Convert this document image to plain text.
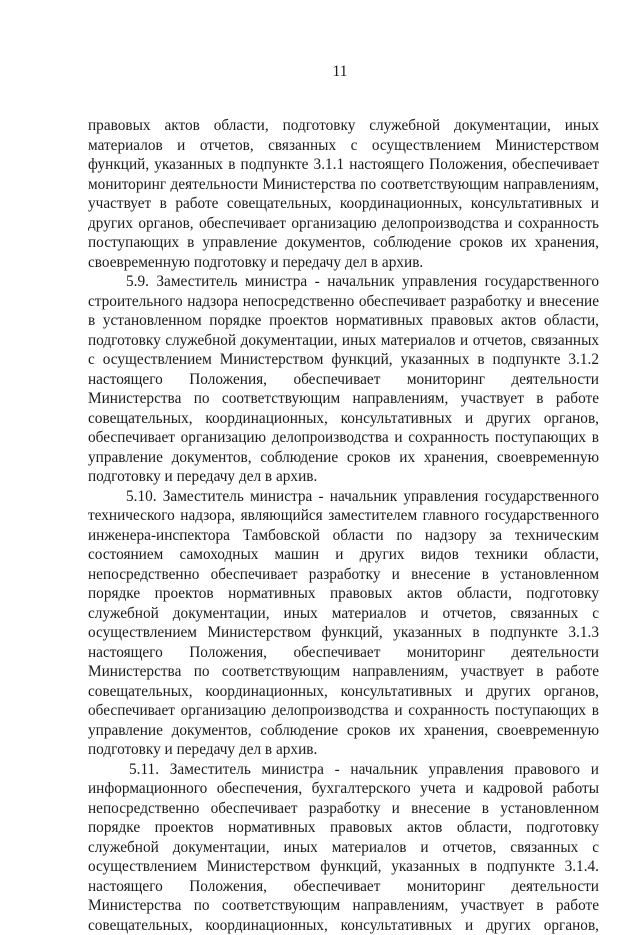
11

правовых актов области, подготовку служебной документации, иных материалов и отчетов, связанных с осуществлением Министерством функций, указанных в подпункте 3.1.1 настоящего Положения, обеспечивает мониторинг деятельности Министерства по соответствующим направлениям, участвует в работе совещательных, координационных, консультативных и других органов, обеспечивает организацию делопроизводства и сохранность поступающих в управление документов, соблюдение сроков их хранения, своевременную подготовку и передачу дел в архив.

5.9. Заместитель министра - начальник управления государственного строительного надзора непосредственно обеспечивает разработку и внесение в установленном порядке проектов нормативных правовых актов области, подготовку служебной документации, иных материалов и отчетов, связанных с осуществлением Министерством функций, указанных в подпункте 3.1.2 настоящего Положения, обеспечивает мониторинг деятельности Министерства по соответствующим направлениям, участвует в работе совещательных, координационных, консультативных и других органов, обеспечивает организацию делопроизводства и сохранность поступающих в управление документов, соблюдение сроков их хранения, своевременную подготовку и передачу дел в архив.

5.10. Заместитель министра - начальник управления государственного технического надзора, являющийся заместителем главного государственного инженера-инспектора Тамбовской области по надзору за техническим состоянием самоходных машин и других видов техники области, непосредственно обеспечивает разработку и внесение в установленном порядке проектов нормативных правовых актов области, подготовку служебной документации, иных материалов и отчетов, связанных с осуществлением Министерством функций, указанных в подпункте 3.1.3 настоящего Положения, обеспечивает мониторинг деятельности Министерства по соответствующим направлениям, участвует в работе совещательных, координационных, консультативных и других органов, обеспечивает организацию делопроизводства и сохранность поступающих в управление документов, соблюдение сроков их хранения, своевременную подготовку и передачу дел в архив.

5.11. Заместитель министра - начальник управления правового и информационного обеспечения, бухгалтерского учета и кадровой работы непосредственно обеспечивает разработку и внесение в установленном порядке проектов нормативных правовых актов области, подготовку служебной документации, иных материалов и отчетов, связанных с осуществлением Министерством функций, указанных в подпункте 3.1.4. настоящего Положения, обеспечивает мониторинг деятельности Министерства по соответствующим направлениям, участвует в работе совещательных, координационных, консультативных и других органов,
